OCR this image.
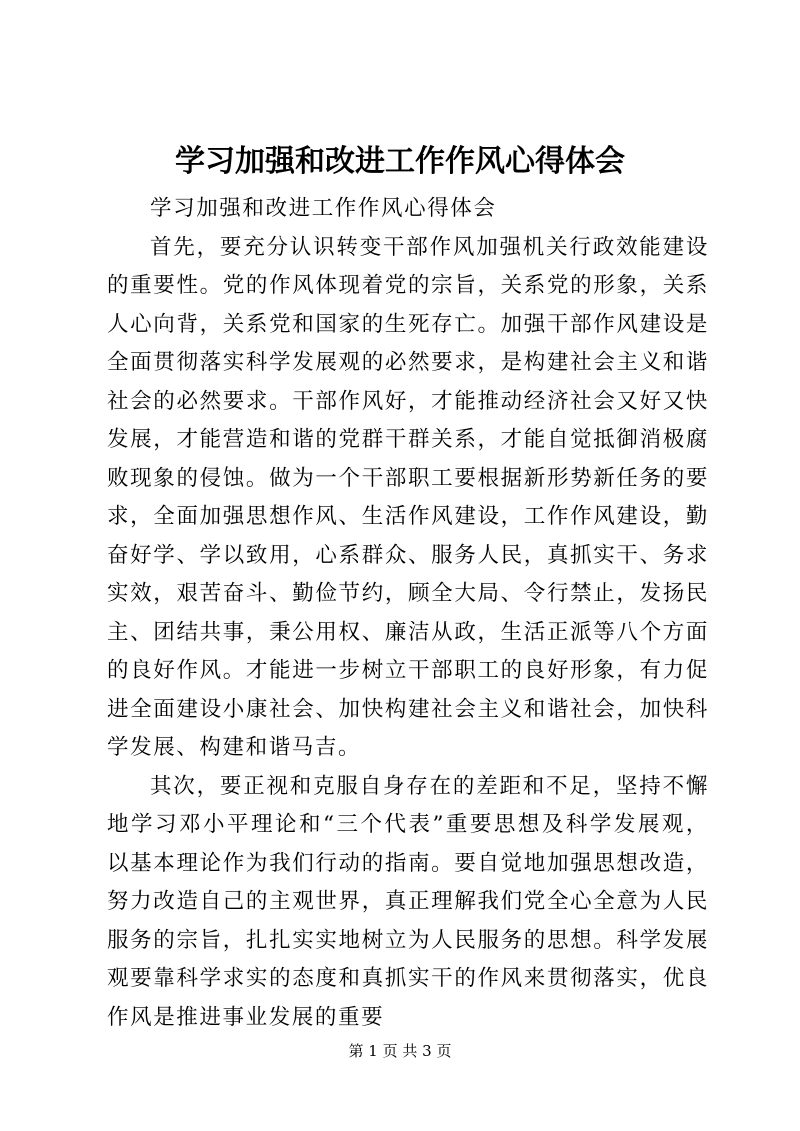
学习加强和改进工作作风心得体会

学习加强和改进工作作风心得体会

首先，要充分认识转变干部作风加强机关行政效能建设的重要性。党的作风体现着党的宗旨，关系党的形象，关系人心向背，关系党和国家的生死存亡。加强干部作风建设是全面贯彻落实科学发展观的必然要求，是构建社会主义和谐社会的必然要求。干部作风好，才能推动经济社会又好又快发展，才能营造和谐的党群干群关系，才能自觉抵御消极腐败现象的侵蚀。做为一个干部职工要根据新形势新任务的要求，全面加强思想作风、生活作风建设，工作作风建设，勤奋好学、学以致用，心系群众、服务人民，真抓实干、务求实效，艰苦奋斗、勤俭节约，顾全大局、令行禁止，发扬民主、团结共事，秉公用权、廉洁从政，生活正派等八个方面的良好作风。才能进一步树立干部职工的良好形象，有力促进全面建设小康社会、加快构建社会主义和谐社会，加快科学发展、构建和谐马吉。

其次，要正视和克服自身存在的差距和不足，坚持不懈地学习邓小平理论和“三个代表”重要思想及科学发展观，以基本理论作为我们行动的指南。要自觉地加强思想改造，努力改造自己的主观世界，真正理解我们党全心全意为人民服务的宗旨，扎扎实实地树立为人民服务的思想。科学发展观要靠科学求实的态度和真抓实干的作风来贯彻落实，优良作风是推进事业发展的重要

第 1 页 共 3 页
